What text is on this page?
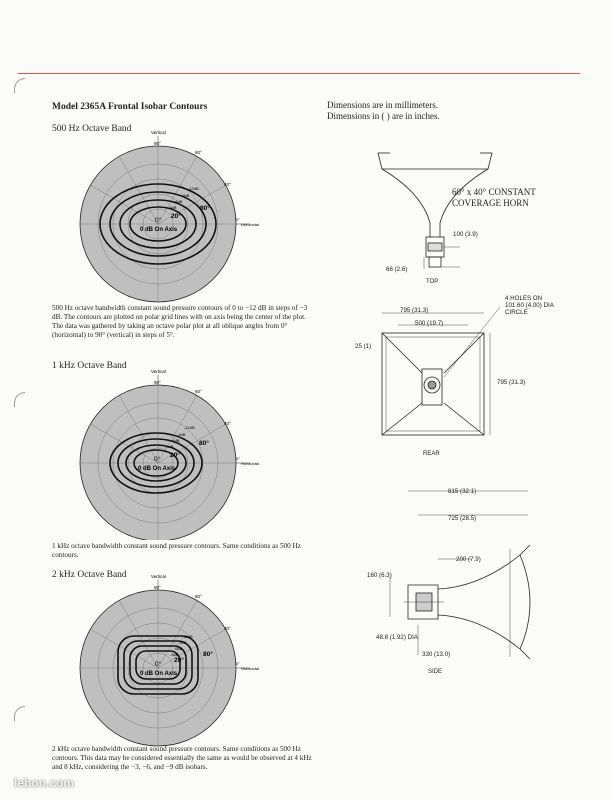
Model 2365A Frontal Isobar Contours
500 Hz Octave Band	Vertical
Horizontal
90°
60°
40°
80°
20°	0°
0°
0 dB On Axis
-12dB
-9dB
-6dB
-3dB
500 Hz octave bandwidth constant sound pressure contours of 0 to −12 dB in steps of −3 dB. The contours are plotted on polar grid lines with on axis being the center of the plot. The data was gathered by taking an octave polar plot at all oblique angles from 0° (horizontal) to 90° (vertical) in steps of 5°.
1 kHz Octave Band
Vertical
Horizontal
90°
60°
40°
80°
20°	0°
0°
0 dB On Axis
-12dB
-9dB
-6dB
-3dB
1 kHz octave bandwidth constant sound pressure contours. Same conditions as 500 Hz contours.
2 kHz Octave Band	Vertical
Horizontal
90°
60°
40°
80°
20°	0°
0°
0 dB On Axis
-12dB
-9dB
-6dB
-3dB
2 kHz octave bandwidth constant sound pressure contours. Same conditions as 500 Hz contours. This data may be considered essentially the same as would be observed at 4 kHz and 8 kHz, considering the −3, −6, and −9 dB isobars.
Dimensions are in millimeters.
Dimensions in ( ) are in inches.
60° x 40° CONSTANT
COVERAGE HORN
100 (3.9)
66 (2.6)
TOP
795 (31.3)
500 (19.7)
25 (1)
795 (31.3)
4 HOLES ON
101.60 (4.00) DIA
CIRCLE
REAR
815 (32.1)
725 (28.5)
200 (7.9)
160 (6.3)
48.8 (1.92) DIA
330 (13.0)
SIDE
lebon.com
